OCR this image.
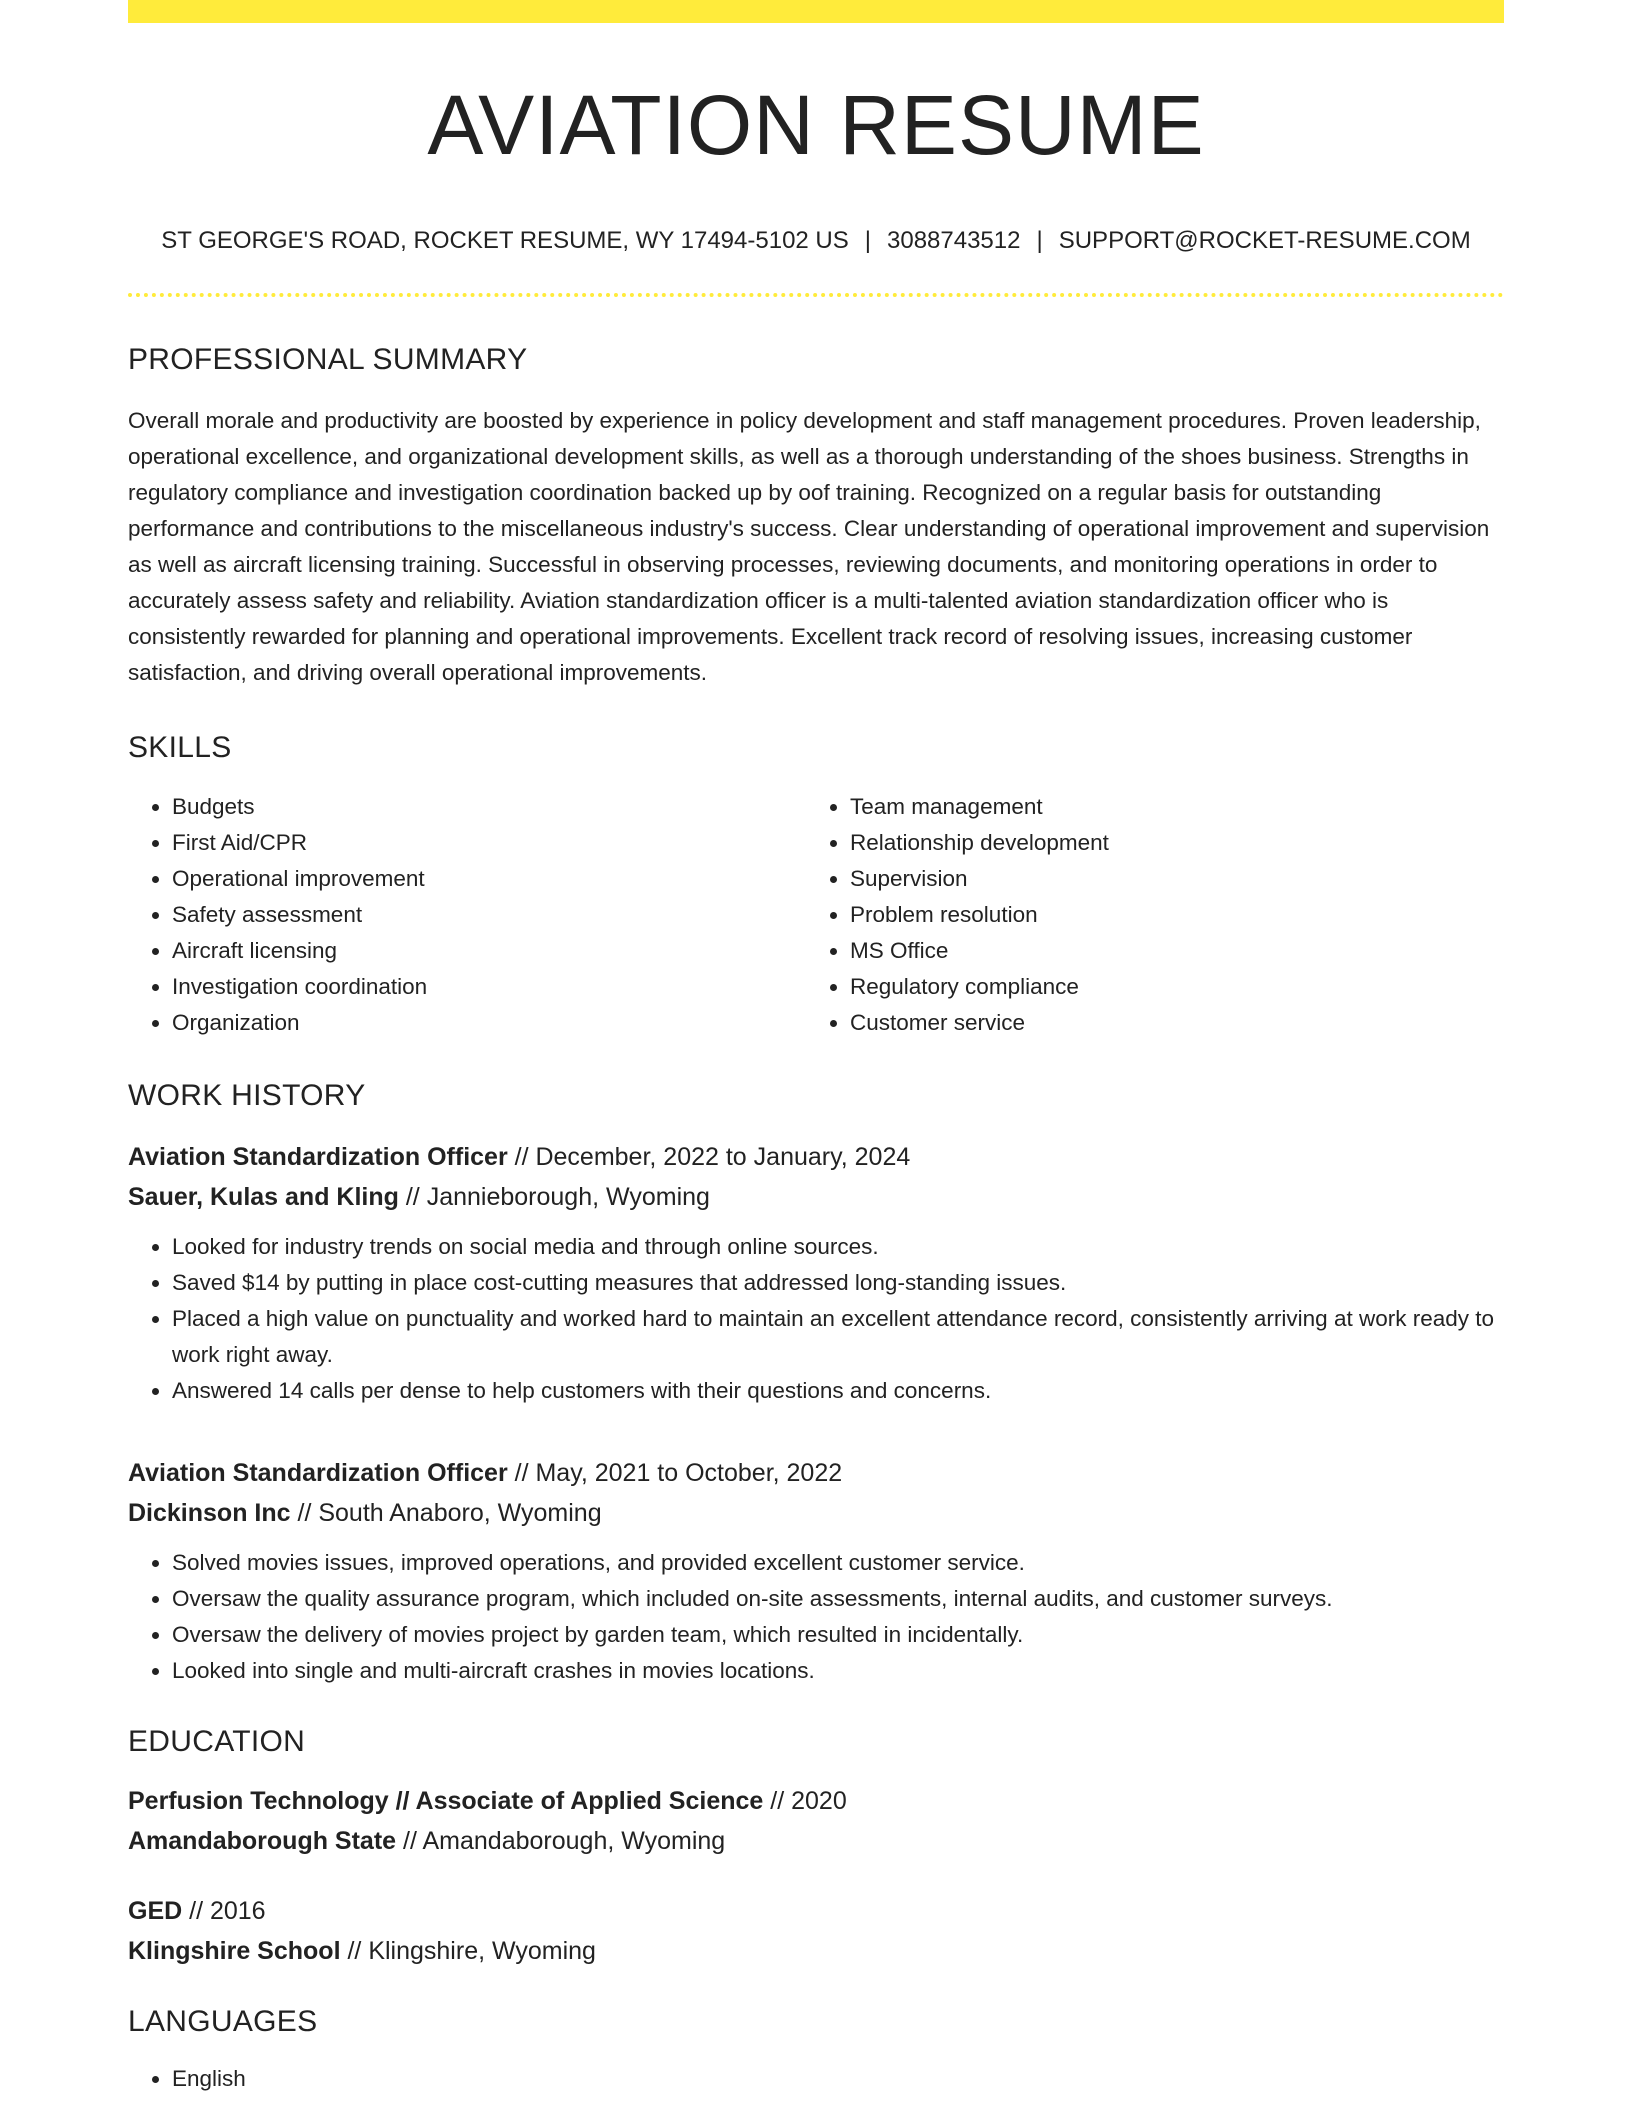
AVIATION RESUME
ST GEORGE'S ROAD, ROCKET RESUME, WY 17494-5102 US | 3088743512 | SUPPORT@ROCKET-RESUME.COM
PROFESSIONAL SUMMARY

Overall morale and productivity are boosted by experience in policy development and staff management procedures. Proven leadership, operational excellence, and organizational development skills, as well as a thorough understanding of the shoes business. Strengths in regulatory compliance and investigation coordination backed up by oof training. Recognized on a regular basis for outstanding performance and contributions to the miscellaneous industry's success. Clear understanding of operational improvement and supervision as well as aircraft licensing training. Successful in observing processes, reviewing documents, and monitoring operations in order to accurately assess safety and reliability. Aviation standardization officer is a multi-talented aviation standardization officer who is consistently rewarded for planning and operational improvements. Excellent track record of resolving issues, increasing customer satisfaction, and driving overall operational improvements.

SKILLS
• Budgets
• First Aid/CPR
• Operational improvement
• Safety assessment
• Aircraft licensing
• Investigation coordination
• Organization
• Team management
• Relationship development
• Supervision
• Problem resolution
• MS Office
• Regulatory compliance
• Customer service
WORK HISTORY
Aviation Standardization Officer // December, 2022 to January, 2024
Sauer, Kulas and Kling // Jannieborough, Wyoming
• Looked for industry trends on social media and through online sources.
• Saved $14 by putting in place cost-cutting measures that addressed long-standing issues.
• Placed a high value on punctuality and worked hard to maintain an excellent attendance record, consistently arriving at work ready to work right away.
• Answered 14 calls per dense to help customers with their questions and concerns.
Aviation Standardization Officer // May, 2021 to October, 2022
Dickinson Inc // South Anaboro, Wyoming
• Solved movies issues, improved operations, and provided excellent customer service.
• Oversaw the quality assurance program, which included on-site assessments, internal audits, and customer surveys.
• Oversaw the delivery of movies project by garden team, which resulted in incidentally.
• Looked into single and multi-aircraft crashes in movies locations.
EDUCATION
Perfusion Technology // Associate of Applied Science // 2020
Amandaborough State // Amandaborough, Wyoming
GED // 2016
Klingshire School // Klingshire, Wyoming
LANGUAGES
• English
